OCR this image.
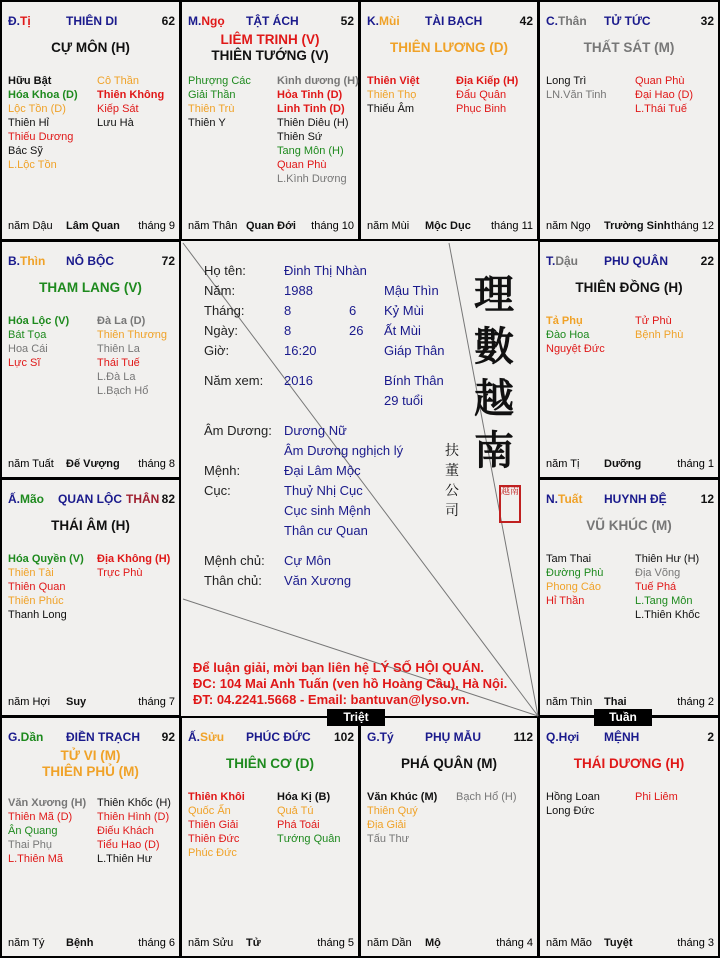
Q.Hợi MỆNH	2
THÁI DƯƠNG (H)
Hồng Loan
Long Đức
Phi Liêm
năm Mão Tuyệt	tháng 3
G.Tý	PHỤ MẪU	112
PHÁ QUÂN (M)
Văn Khúc (M)
Thiên Quý
Địa Giải
Tấu Thư
Bạch Hổ (H)
năm Dần Mộ	tháng 4
Ấ.Sửu PHÚC ĐỨC 102
THIÊN CƠ (D)
Thiên Khôi
Quốc Ấn
Thiên Giải
Thiên Đức
Phúc Đức
Hóa Kị (B)
Quả Tú
Phá Toái
Tướng Quân
năm Sửu Tử	tháng 5
G.Dần ĐIỀN TRẠCH 92
TỬ VI (M)
THIÊN PHỦ (M)
Văn Xương (H)
Thiên Mã (D)
Ân Quang
Thai Phụ
L.Thiên Mã
Thiên Khốc (H)
Thiên Hình (D)
Điếu Khách
Tiểu Hao (D)
L.Thiên Hư
năm Tý Bệnh	tháng 6
N.Tuất HUYNH ĐỆ	12
VŨ KHÚC (M)
Tam Thai
Đường Phù
Phong Cáo
Hỉ Thần
Thiên Hư (H)
Địa Võng
Tuế Phá
L.Tang Môn
L.Thiên Khốc
năm Thìn Thai	tháng 2
Ấ.Mão QUAN LỘC THÂN 82
THÁI ÂM (H)
Hóa Quyền (V)
Thiên Tài
Thiên Quan
Thiên Phúc
Thanh Long
Địa Không (H)
Trực Phù
năm Hợi Suy	tháng 7
T.Dậu PHU QUÂN	22
THIÊN ĐỒNG (H)
Tả Phụ
Đào Hoa
Nguyệt Đức
Tử Phù
Bệnh Phù
năm Tị Dưỡng	tháng 1
B.Thìn NÔ BỘC	72
THAM LANG (V)
Hóa Lộc (V)
Bát Tọa
Hoa Cái
Lực Sĩ
Đà La (D)
Thiên Thương
Thiên La
Thái Tuế
L.Đà La
L.Bạch Hổ
năm Tuất Đế Vượng tháng 8
C.Thân TỬ TỨC	32
THẤT SÁT (M)
Long Trì
LN.Văn Tinh
Quan Phù
Đại Hao (D)
L.Thái Tuế
năm Ngọ Trường Sinh tháng 12
K.Mùi TÀI BẠCH	42
THIÊN LƯƠNG (D)
Thiên Việt
Thiên Thọ
Thiếu Âm
Địa Kiếp (H)
Đẩu Quân
Phục Binh
năm Mùi Mộc Dục tháng 11
M.Ngọ TẬT ÁCH	52
LIÊM TRINH (V)
THIÊN TƯỚNG (V)
Phượng Các
Giải Thần
Thiên Trù
Thiên Y
Kình dương (H)
Hỏa Tinh (D)
Linh Tinh (D)
Thiên Diêu (H)
Thiên Sứ
Tang Môn (H)
Quan Phù
L.Kình Dương
năm Thân Quan Đới tháng 10
Đ.Tị	THIÊN DI	62
CỰ MÔN (H)
Hữu Bật
Hóa Khoa (D)
Lộc Tồn (D)
Thiên Hỉ
Thiếu Dương
Bác Sỹ
L.Lộc Tồn
Cô Thần
Thiên Không
Kiếp Sát
Lưu Hà
năm Dậu Lâm Quan tháng 9
Họ tên:	Đinh Thị Nhàn
Năm:	1988	Mậu Thìn
Tháng:	8	6 Kỷ Mùi
Ngày:	8	26 Ất Mùi
Giờ:	16:20	Giáp Thân
Năm xem: 2016	Bính Thân
29 tuổi
Âm Dương: Dương Nữ
Âm Dương nghịch lý
Mệnh:	Đại Lâm Mộc
Cục:	Thuỷ Nhị Cục
Cục sinh Mệnh
Thân cư Quan
Mệnh chủ: Cự Môn
Thân chủ: Văn Xương
理
數
越
南
扶
董
公
司
越南
Để luận giải, mời bạn liên hệ LÝ SỐ HỘI QUÁN.
ĐC: 104 Mai Anh Tuấn (ven hồ Hoàng Cầu), Hà Nội.
ĐT: 04.2241.5668 - Email: bantuvan@lyso.vn.
Triệt	Tuần
